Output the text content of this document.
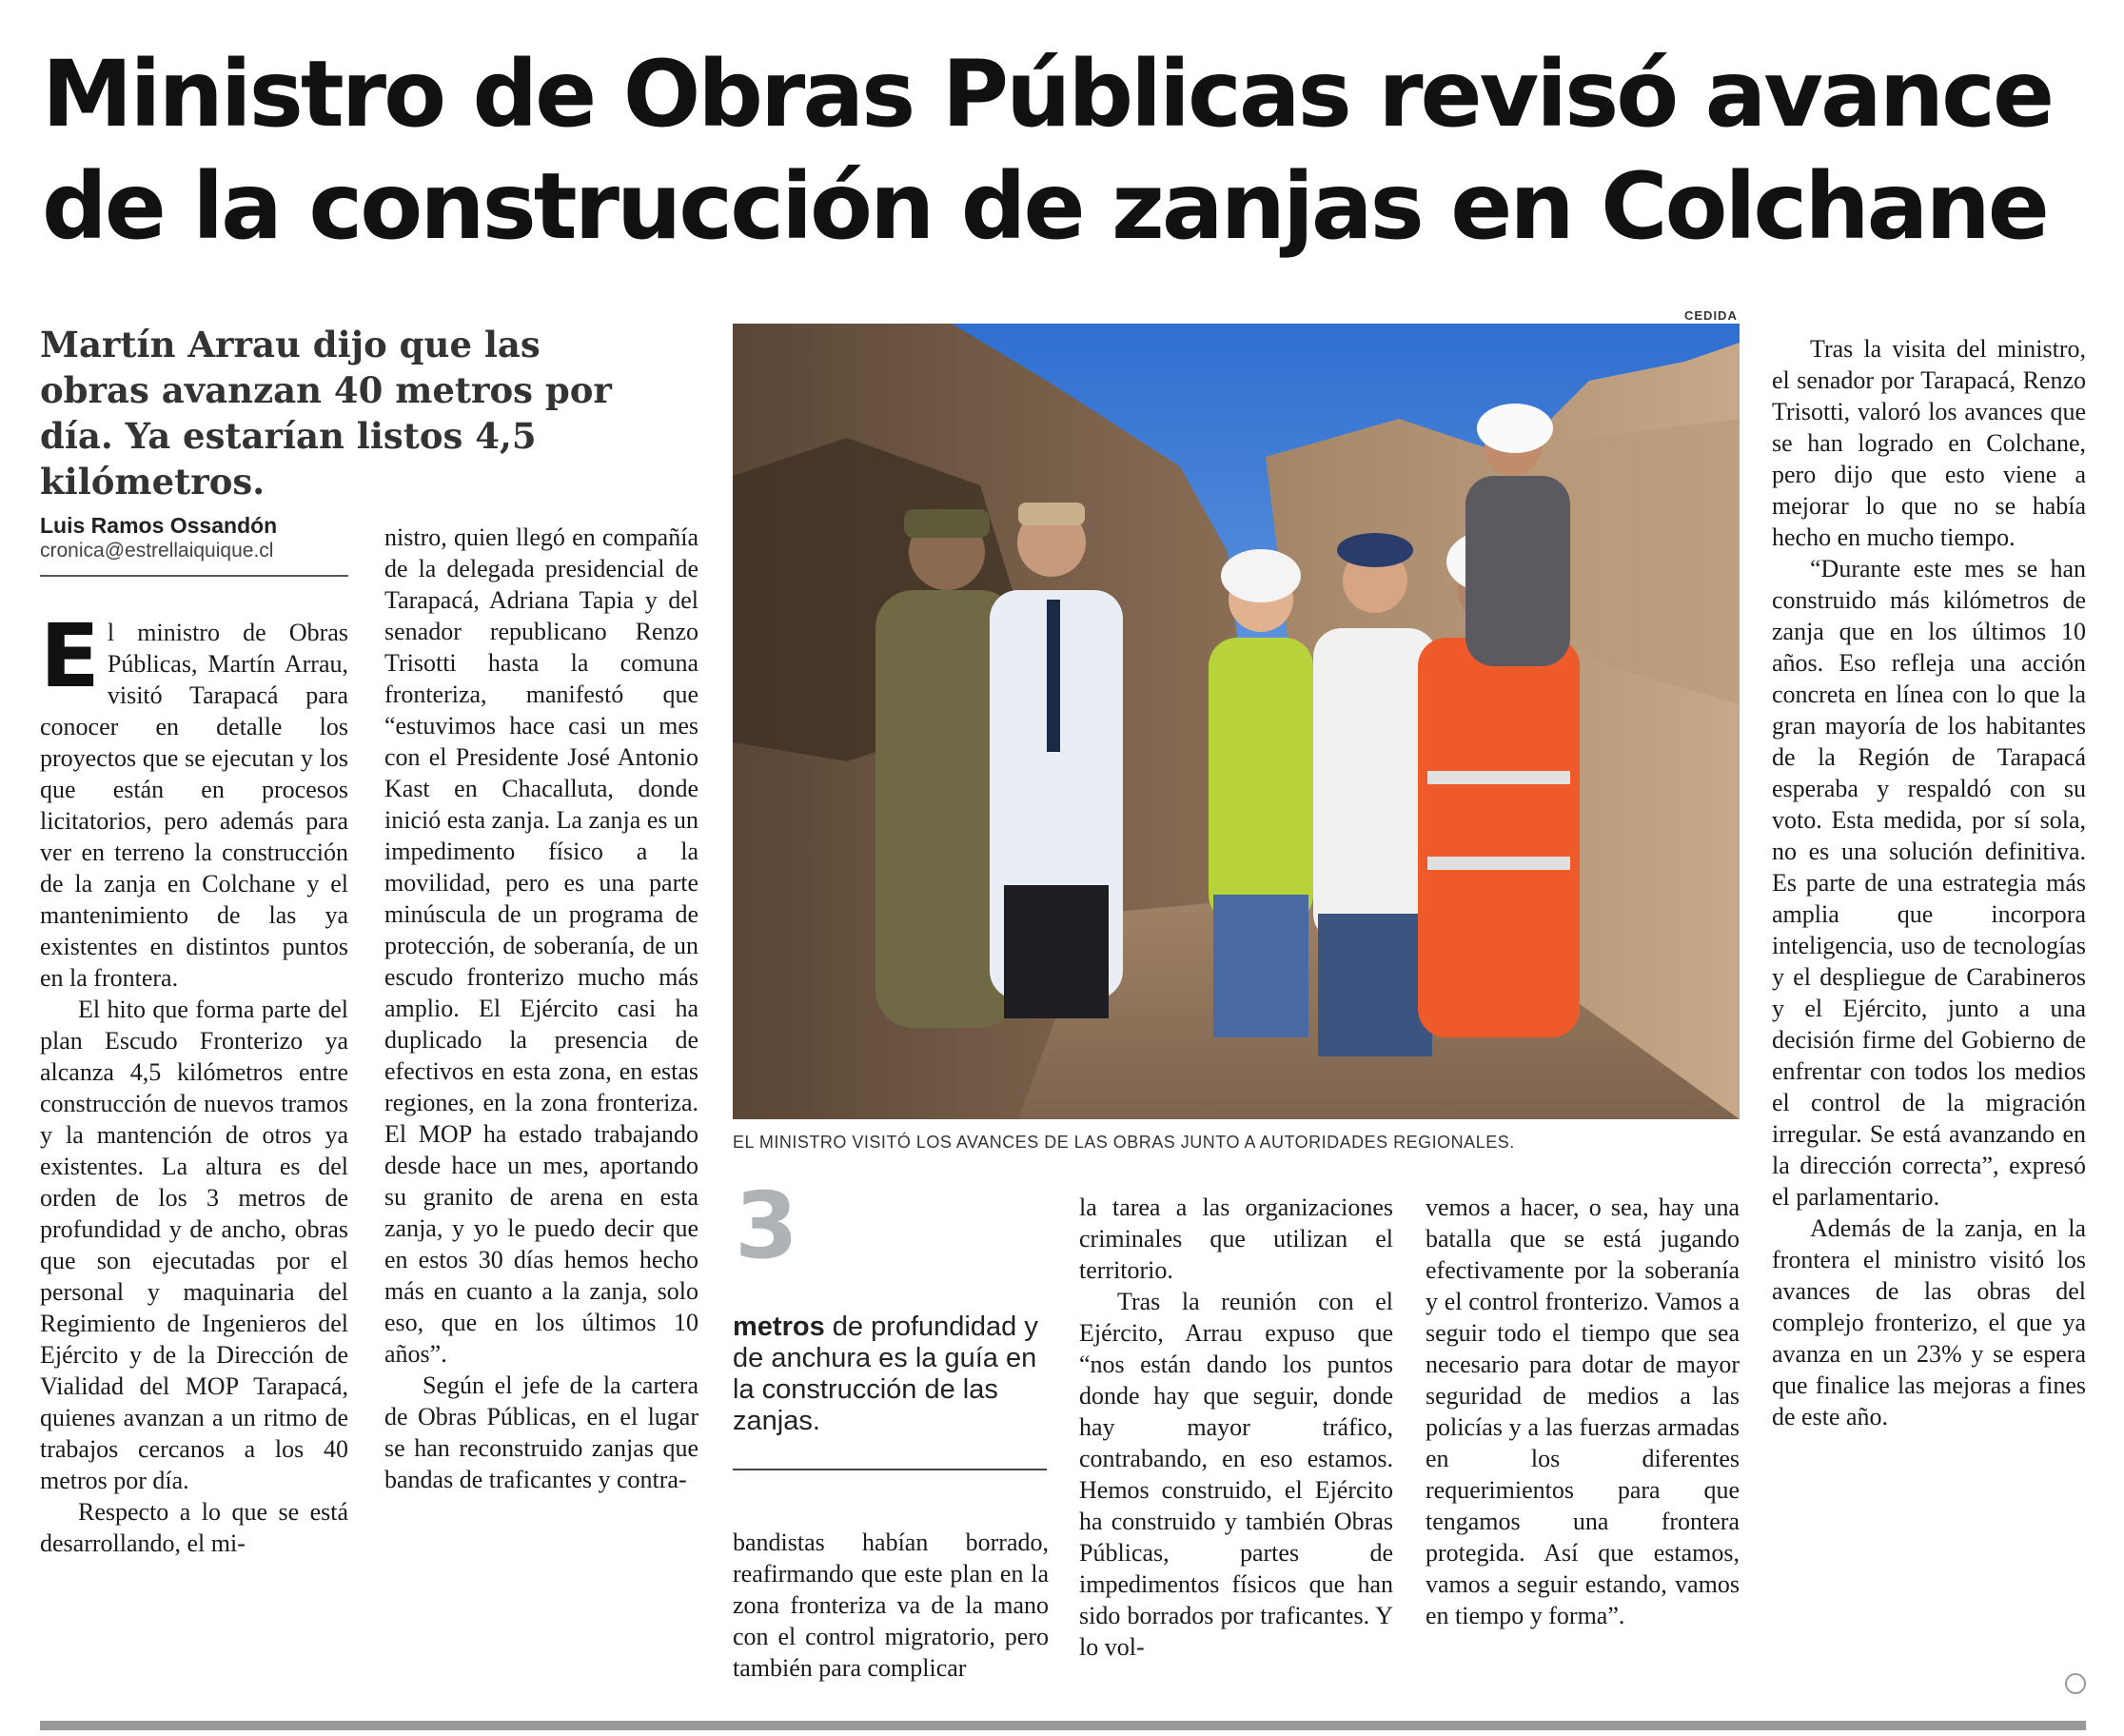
Ministro de Obras Públicas revisó avance
de la construcción de zanjas en Colchane
Martín Arrau dijo que las obras avanzan 40 metros por día. Ya estarían listos 4,5 kilómetros.
Luis Ramos Ossandón
cronica@estrellaiquique.cl

El ministro de Obras Públicas, Martín Arrau, visitó Tarapacá para conocer en detalle los proyectos que se ejecutan y los que están en procesos licitatorios, pero además para ver en terreno la construcción de la zanja en Colchane y el mantenimiento de las ya existentes en distintos puntos en la frontera.

El hito que forma parte del plan Escudo Fronterizo ya alcanza 4,5 kilómetros entre construcción de nuevos tramos y la mantención de otros ya existentes. La altura es del orden de los 3 metros de profundidad y de ancho, obras que son ejecutadas por el personal y maquinaria del Regimiento de Ingenieros del Ejército y de la Dirección de Vialidad del MOP Tarapacá, quienes avanzan a un ritmo de trabajos cercanos a los 40 metros por día.

Respecto a lo que se está desarrollando, el mi-

nistro, quien llegó en compañía de la delegada presidencial de Tarapacá, Adriana Tapia y del senador republicano Renzo Trisotti hasta la comuna fronteriza, manifestó que “estuvimos hace casi un mes con el Presidente José Antonio Kast en Chacalluta, donde inició esta zanja. La zanja es un impedimento físico a la movilidad, pero es una parte minúscula de un programa de protección, de soberanía, de un escudo fronterizo mucho más amplio. El Ejército casi ha duplicado la presencia de efectivos en esta zona, en estas regiones, en la zona fronteriza. El MOP ha estado trabajando desde hace un mes, aportando su granito de arena en esta zanja, y yo le puedo decir que en estos 30 días hemos hecho más en cuanto a la zanja, solo eso, que en los últimos 10 años”.

Según el jefe de la cartera de Obras Públicas, en el lugar se han reconstruido zanjas que bandas de traficantes y contra-

CEDIDA
EL MINISTRO VISITÓ LOS AVANCES DE LAS OBRAS JUNTO A AUTORIDADES REGIONALES.
3
metros de profundidad y de anchura es la guía en la construcción de las zanjas.

bandistas habían borrado, reafirmando que este plan en la zona fronteriza va de la mano con el control migratorio, pero también para complicar

la tarea a las organizaciones criminales que utilizan el territorio.

Tras la reunión con el Ejército, Arrau expuso que “nos están dando los puntos donde hay que seguir, donde hay mayor tráfico, contrabando, en eso estamos. Hemos construido, el Ejército ha construido y también Obras Públicas, partes de impedimentos físicos que han sido borrados por traficantes. Y lo vol-

vemos a hacer, o sea, hay una batalla que se está jugando efectivamente por la soberanía y el control fronterizo. Vamos a seguir todo el tiempo que sea necesario para dotar de mayor seguridad de medios a las policías y a las fuerzas armadas en los diferentes requerimientos para que tengamos una frontera protegida. Así que estamos, vamos a seguir estando, vamos en tiempo y forma”.

Tras la visita del ministro, el senador por Tarapacá, Renzo Trisotti, valoró los avances que se han logrado en Colchane, pero dijo que esto viene a mejorar lo que no se había hecho en mucho tiempo.

“Durante este mes se han construido más kilómetros de zanja que en los últimos 10 años. Eso refleja una acción concreta en línea con lo que la gran mayoría de los habitantes de la Región de Tarapacá esperaba y respaldó con su voto. Esta medida, por sí sola, no es una solución definitiva. Es parte de una estrategia más amplia que incorpora inteligencia, uso de tecnologías y el despliegue de Carabineros y el Ejército, junto a una decisión firme del Gobierno de enfrentar con todos los medios el control de la migración irregular. Se está avanzando en la dirección correcta”, expresó el parlamentario.

Además de la zanja, en la frontera el ministro visitó los avances de las obras del complejo fronterizo, el que ya avanza en un 23% y se espera que finalice las mejoras a fines de este año.
